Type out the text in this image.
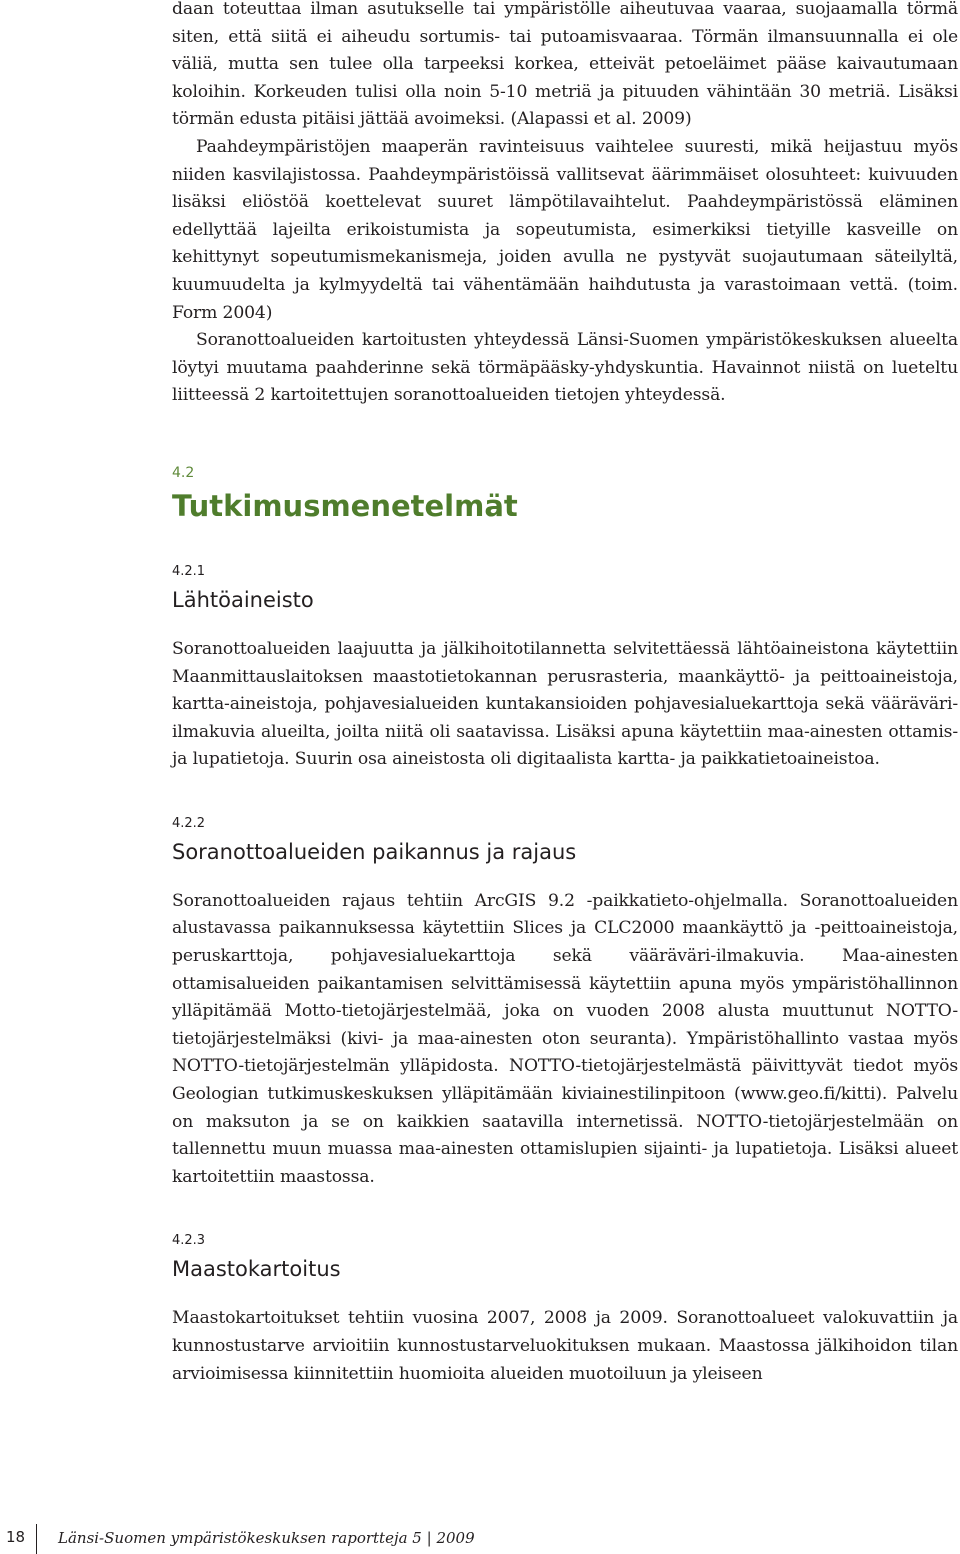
daan toteuttaa ilman asutukselle tai ympäristölle aiheutuvaa vaaraa, suojaamalla törmä siten, että siitä ei aiheudu sortumis- tai putoamisvaaraa. Törmän ilmansuunnalla ei ole väliä, mutta sen tulee olla tarpeeksi korkea, etteivät petoeläimet pääse kaivautumaan koloihin. Korkeuden tulisi olla noin 5-10 metriä ja pituuden vähintään 30 metriä. Lisäksi törmän edusta pitäisi jättää avoimeksi. (Alapassi et al. 2009)

Paahdeympäristöjen maaperän ravinteisuus vaihtelee suuresti, mikä heijastuu myös niiden kasvilajistossa. Paahdeympäristöissä vallitsevat äärimmäiset olosuhteet: kuivuuden lisäksi eliöstöä koettelevat suuret lämpötilavaihtelut. Paahdeympäristössä eläminen edellyttää lajeilta erikoistumista ja sopeutumista, esimerkiksi tietyille kasveille on kehittynyt sopeutumismekanismeja, joiden avulla ne pystyvät suojautumaan säteilyltä, kuumuudelta ja kylmyydeltä tai vähentämään haihdutusta ja varastoimaan vettä. (toim. Form 2004)

Soranottoalueiden kartoitusten yhteydessä Länsi-Suomen ympäristökeskuksen alueelta löytyi muutama paahderinne sekä törmäpääsky-yhdyskuntia. Havainnot niistä on lueteltu liitteessä 2 kartoitettujen soranottoalueiden tietojen yhteydessä.

4.2

Tutkimusmenetelmät

4.2.1

Lähtöaineisto

Soranottoalueiden laajuutta ja jälkihoitotilannetta selvitettäessä lähtöaineistona käytettiin Maanmittauslaitoksen maastotietokannan perusrasteria, maankäyttö- ja peittoaineistoja, kartta-aineistoja, pohjavesialueiden kuntakansioiden pohjavesialuekarttoja sekä vääräväri-ilmakuvia alueilta, joilta niitä oli saatavissa. Lisäksi apuna käytettiin maa-ainesten ottamis- ja lupatietoja. Suurin osa aineistosta oli digitaalista kartta- ja paikkatietoaineistoa.

4.2.2

Soranottoalueiden paikannus ja rajaus

Soranottoalueiden rajaus tehtiin ArcGIS 9.2 -paikkatieto-ohjelmalla. Soranottoalueiden alustavassa paikannuksessa käytettiin Slices ja CLC2000 maankäyttö ja -peittoaineistoja, peruskarttoja, pohjavesialuekarttoja sekä vääräväri-ilmakuvia. Maa-ainesten ottamisalueiden paikantamisen selvittämisessä käytettiin apuna myös ympäristöhallinnon ylläpitämää Motto-tietojärjestelmää, joka on vuoden 2008 alusta muuttunut NOTTO-tietojärjestelmäksi (kivi- ja maa-ainesten oton seuranta). Ympäristöhallinto vastaa myös NOTTO-tietojärjestelmän ylläpidosta. NOTTO-tietojärjestelmästä päivittyvät tiedot myös Geologian tutkimuskeskuksen ylläpitämään kiviainestilinpitoon (www.geo.fi/kitti). Palvelu on maksuton ja se on kaikkien saatavilla internetissä. NOTTO-tietojärjestelmään on tallennettu muun muassa maa-ainesten ottamislupien sijainti- ja lupatietoja. Lisäksi alueet kartoitettiin maastossa.

4.2.3

Maastokartoitus

Maastokartoitukset tehtiin vuosina 2007, 2008 ja 2009. Soranottoalueet valokuvattiin ja kunnostustarve arvioitiin kunnostustarveluokituksen mukaan. Maastossa jälkihoidon tilan arvioimisessa kiinnitettiin huomioita alueiden muotoiluun ja yleiseen

18 Länsi-Suomen ympäristökeskuksen raportteja 5 | 2009
